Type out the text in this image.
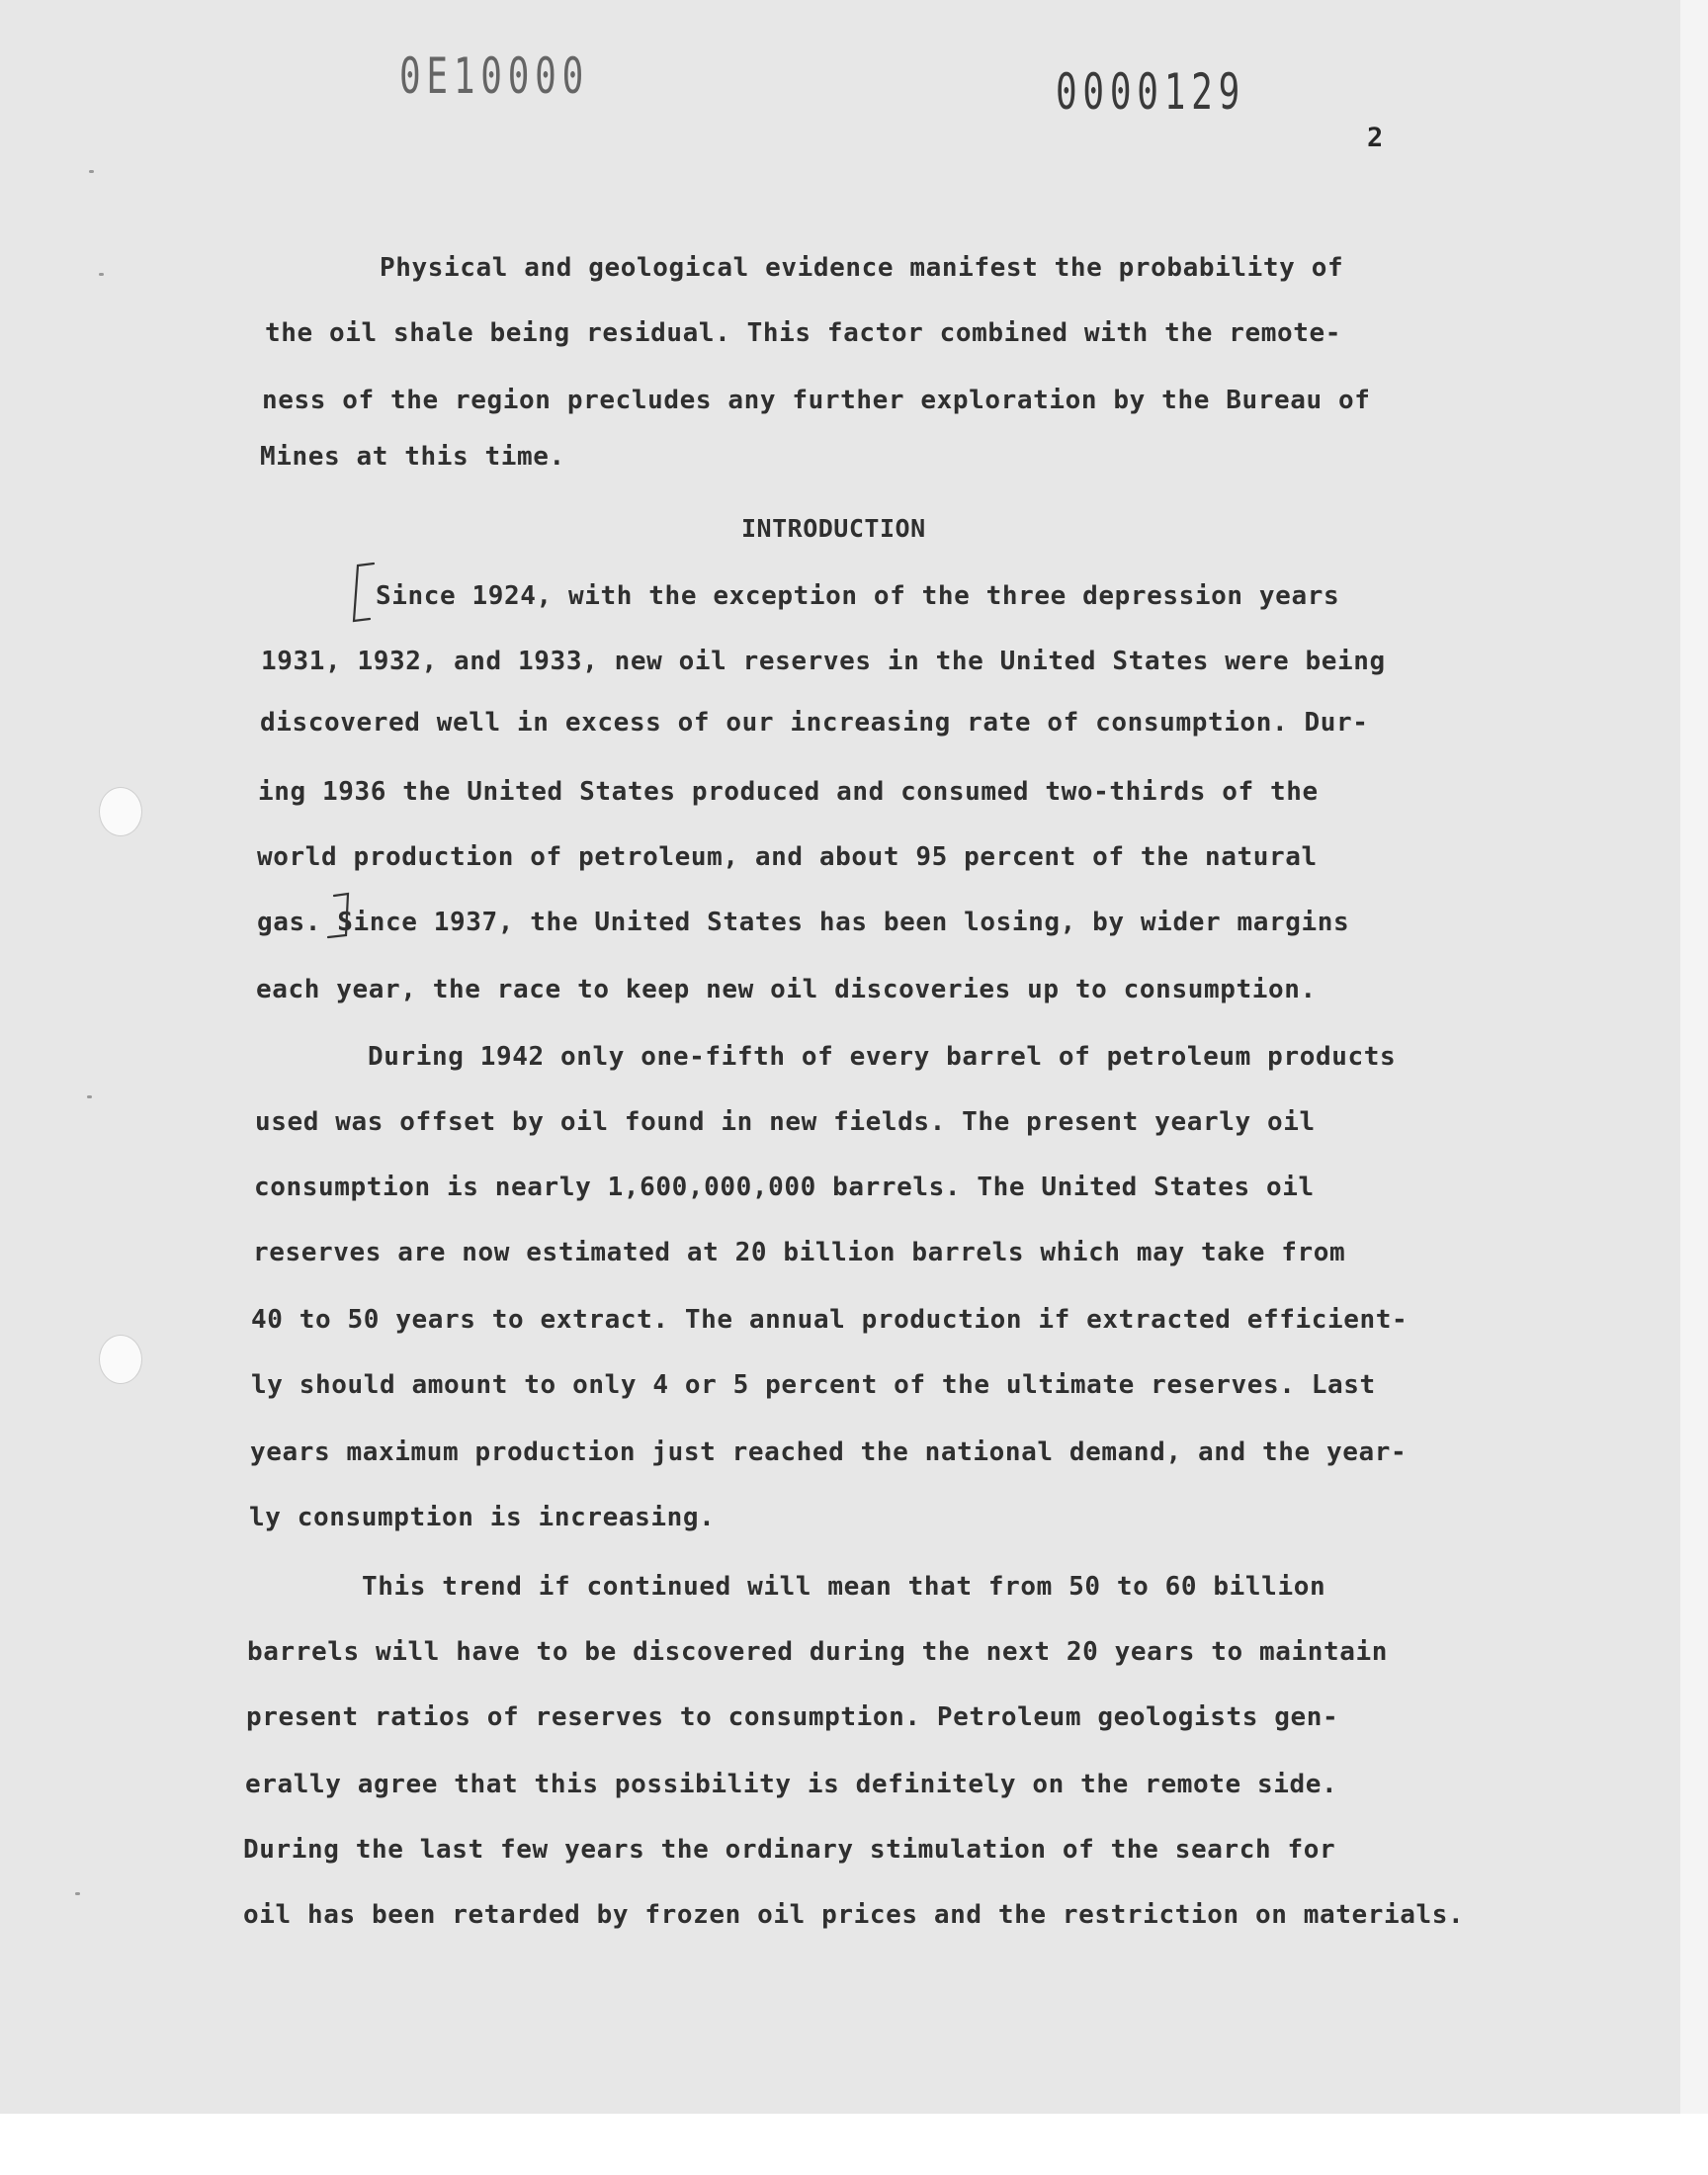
0E10000	0000129
2
Physical and geological evidence manifest the probability of
the oil shale being residual. This factor combined with the remote-
ness of the region precludes any further exploration by the Bureau of
Mines at this time.
INTRODUCTION
Since 1924, with the exception of the three depression years
1931, 1932, and 1933, new oil reserves in the United States were being
discovered well in excess of our increasing rate of consumption. Dur-
ing 1936 the United States produced and consumed two-thirds of the
world production of petroleum, and about 95 percent of the natural
gas. Since 1937, the United States has been losing, by wider margins
each year, the race to keep new oil discoveries up to consumption.
During 1942 only one-fifth of every barrel of petroleum products
used was offset by oil found in new fields. The present yearly oil
consumption is nearly 1,600,000,000 barrels. The United States oil
reserves are now estimated at 20 billion barrels which may take from
40 to 50 years to extract. The annual production if extracted efficient-
ly should amount to only 4 or 5 percent of the ultimate reserves. Last
years maximum production just reached the national demand, and the year-
ly consumption is increasing.
This trend if continued will mean that from 50 to 60 billion
barrels will have to be discovered during the next 20 years to maintain
present ratios of reserves to consumption. Petroleum geologists gen-
erally agree that this possibility is definitely on the remote side.
During the last few years the ordinary stimulation of the search for
oil has been retarded by frozen oil prices and the restriction on materials.
